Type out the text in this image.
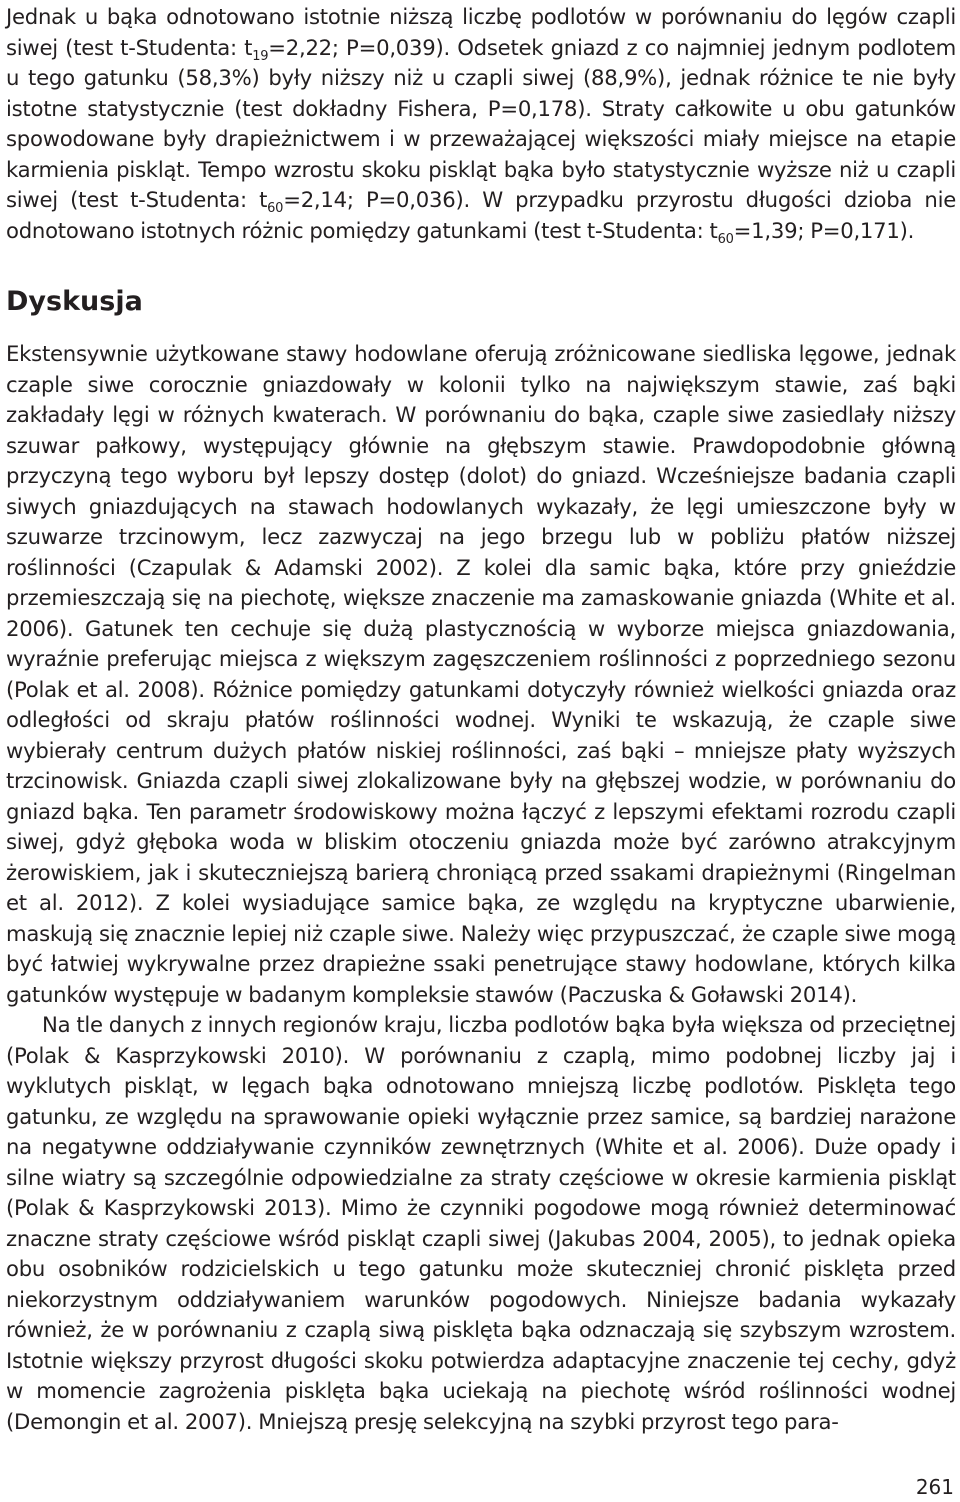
Jednak u bąka odnotowano istotnie niższą liczbę podlotów w porównaniu do lęgów czapli siwej (test t-Studenta: $t_{19}=2,22$; P=0,039). Odsetek gniazd z co najmniej jednym podlotem u tego gatunku (58,3%) były niższy niż u czapli siwej (88,9%), jednak różnice te nie były istotne statystycznie (test dokładny Fishera, P=0,178). Straty całkowite u obu gatunków spowodowane były drapieżnictwem i w przeważającej większości miały miejsce na etapie karmienia piskląt. Tempo wzrostu skoku piskląt bąka było statystycznie wyższe niż u czapli siwej (test t-Studenta: $t_{60}=2,14$; P=0,036). W przypadku przyrostu długości dzioba nie odnotowano istotnych różnic pomiędzy gatunkami (test t-Studenta: $t_{60}=1,39$; P=0,171).

Dyskusja

Ekstensywnie użytkowane stawy hodowlane oferują zróżnicowane siedliska lęgowe, jednak czaple siwe corocznie gniazdowały w kolonii tylko na największym stawie, zaś bąki zakładały lęgi w różnych kwaterach. W porównaniu do bąka, czaple siwe zasiedlały niższy szuwar pałkowy, występujący głównie na głębszym stawie. Prawdopodobnie główną przyczyną tego wyboru był lepszy dostęp (dolot) do gniazd. Wcześniejsze badania czapli siwych gniazdujących na stawach hodowlanych wykazały, że lęgi umieszczone były w szuwarze trzcinowym, lecz zazwyczaj na jego brzegu lub w pobliżu płatów niższej roślinności (Czapulak & Adamski 2002). Z kolei dla samic bąka, które przy gnieździe przemieszczają się na piechotę, większe znaczenie ma zamaskowanie gniazda (White et al. 2006). Gatunek ten cechuje się dużą plastycznością w wyborze miejsca gniazdowania, wyraźnie preferując miejsca z większym zagęszczeniem roślinności z poprzedniego sezonu (Polak et al. 2008). Różnice pomiędzy gatunkami dotyczyły również wielkości gniazda oraz odległości od skraju płatów roślinności wodnej. Wyniki te wskazują, że czaple siwe wybierały centrum dużych płatów niskiej roślinności, zaś bąki – mniejsze płaty wyższych trzcinowisk. Gniazda czapli siwej zlokalizowane były na głębszej wodzie, w porównaniu do gniazd bąka. Ten parametr środowiskowy można łączyć z lepszymi efektami rozrodu czapli siwej, gdyż głęboka woda w bliskim otoczeniu gniazda może być zarówno atrakcyjnym żerowiskiem, jak i skuteczniejszą barierą chroniącą przed ssakami drapieżnymi (Ringelman et al. 2012). Z kolei wysiadujące samice bąka, ze względu na kryptyczne ubarwienie, maskują się znacznie lepiej niż czaple siwe. Należy więc przypuszczać, że czaple siwe mogą być łatwiej wykrywalne przez drapieżne ssaki penetrujące stawy hodowlane, których kilka gatunków występuje w badanym kompleksie stawów (Paczuska & Goławski 2014).

Na tle danych z innych regionów kraju, liczba podlotów bąka była większa od przeciętnej (Polak & Kasprzykowski 2010). W porównaniu z czaplą, mimo podobnej liczby jaj i wyklutych piskląt, w lęgach bąka odnotowano mniejszą liczbę podlotów. Pisklęta tego gatunku, ze względu na sprawowanie opieki wyłącznie przez samice, są bardziej narażone na negatywne oddziaływanie czynników zewnętrznych (White et al. 2006). Duże opady i silne wiatry są szczególnie odpowiedzialne za straty częściowe w okresie karmienia piskląt (Polak & Kasprzykowski 2013). Mimo że czynniki pogodowe mogą również determinować znaczne straty częściowe wśród piskląt czapli siwej (Jakubas 2004, 2005), to jednak opieka obu osobników rodzicielskich u tego gatunku może skuteczniej chronić pisklęta przed niekorzystnym oddziaływaniem warunków pogodowych. Niniejsze badania wykazały również, że w porównaniu z czaplą siwą pisklęta bąka odznaczają się szybszym wzrostem. Istotnie większy przyrost długości skoku potwierdza adaptacyjne znaczenie tej cechy, gdyż w momencie zagrożenia pisklęta bąka uciekają na piechotę wśród roślinności wodnej (Demongin et al. 2007). Mniejszą presję selekcyjną na szybki przyrost tego para-

261
